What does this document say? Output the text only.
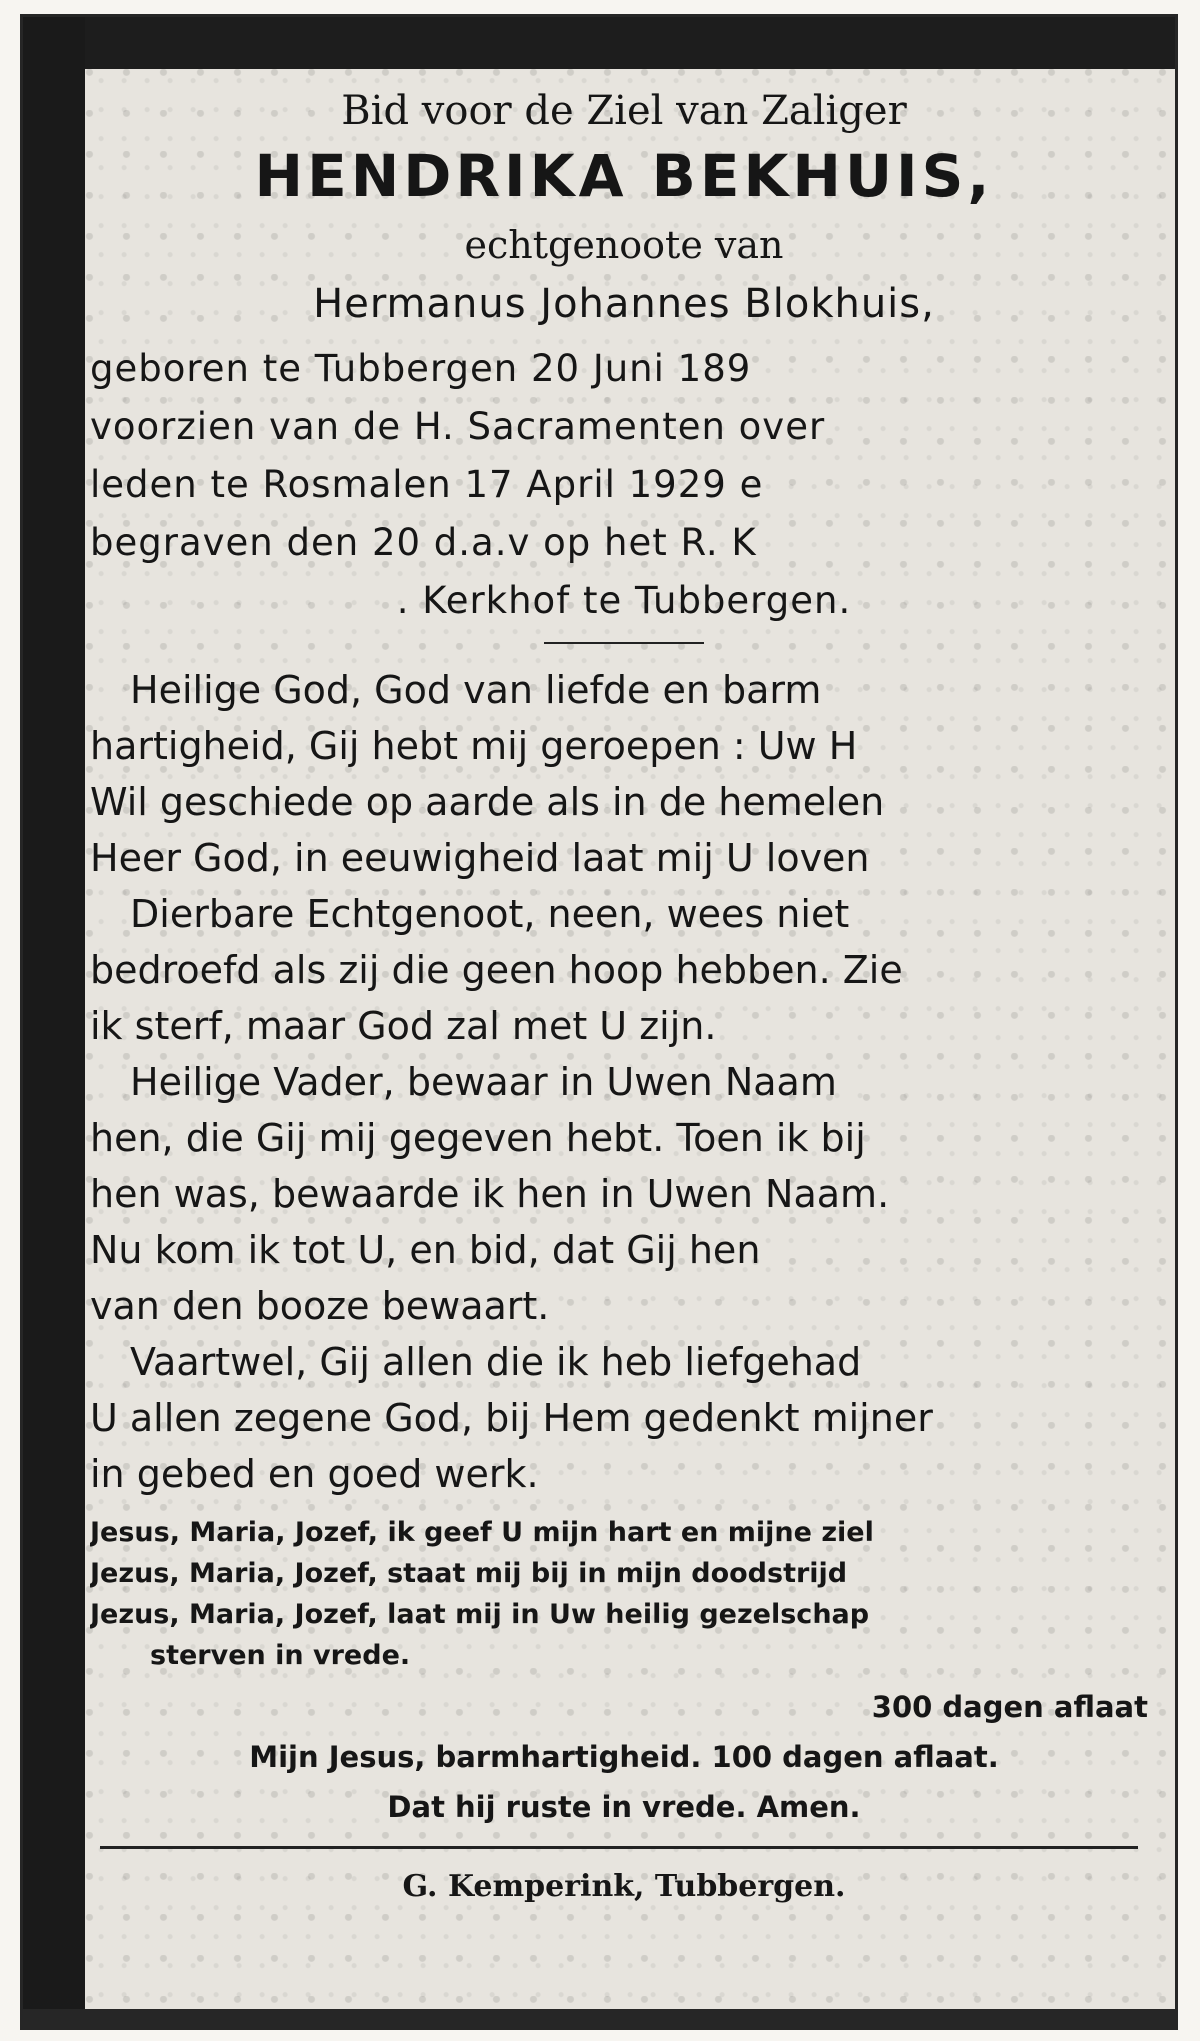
Bid voor de Ziel van Zaliger

HENDRIKA BEKHUIS,

echtgenoote van

Hermanus Johannes Blokhuis,

geboren te Tubbergen 20 Juni 189

voorzien van de H. Sacramenten over

leden te Rosmalen 17 April 1929 e

begraven den 20 d.a.v op het R. K

. Kerkhof te Tubbergen.

Heilige God, God van liefde en barm

hartigheid, Gij hebt mij geroepen : Uw H

Wil geschiede op aarde als in de hemelen

Heer God, in eeuwigheid laat mij U loven

Dierbare Echtgenoot, neen, wees niet

bedroefd als zij die geen hoop hebben. Zie

ik sterf, maar God zal met U zijn.

Heilige Vader, bewaar in Uwen Naam

hen, die Gij mij gegeven hebt. Toen ik bij

hen was, bewaarde ik hen in Uwen Naam.

Nu kom ik tot U, en bid, dat Gij hen

van den booze bewaart.

Vaartwel, Gij allen die ik heb liefgehad

U allen zegene God, bij Hem gedenkt mijner

in gebed en goed werk.

Jesus, Maria, Jozef, ik geef U mijn hart en mijne ziel

Jezus, Maria, Jozef, staat mij bij in mijn doodstrijd

Jezus, Maria, Jozef, laat mij in Uw heilig gezelschap

sterven in vrede.

300 dagen aflaat

Mijn Jesus, barmhartigheid. 100 dagen aflaat.

Dat hij ruste in vrede. Amen.

G. Kemperink, Tubbergen.
